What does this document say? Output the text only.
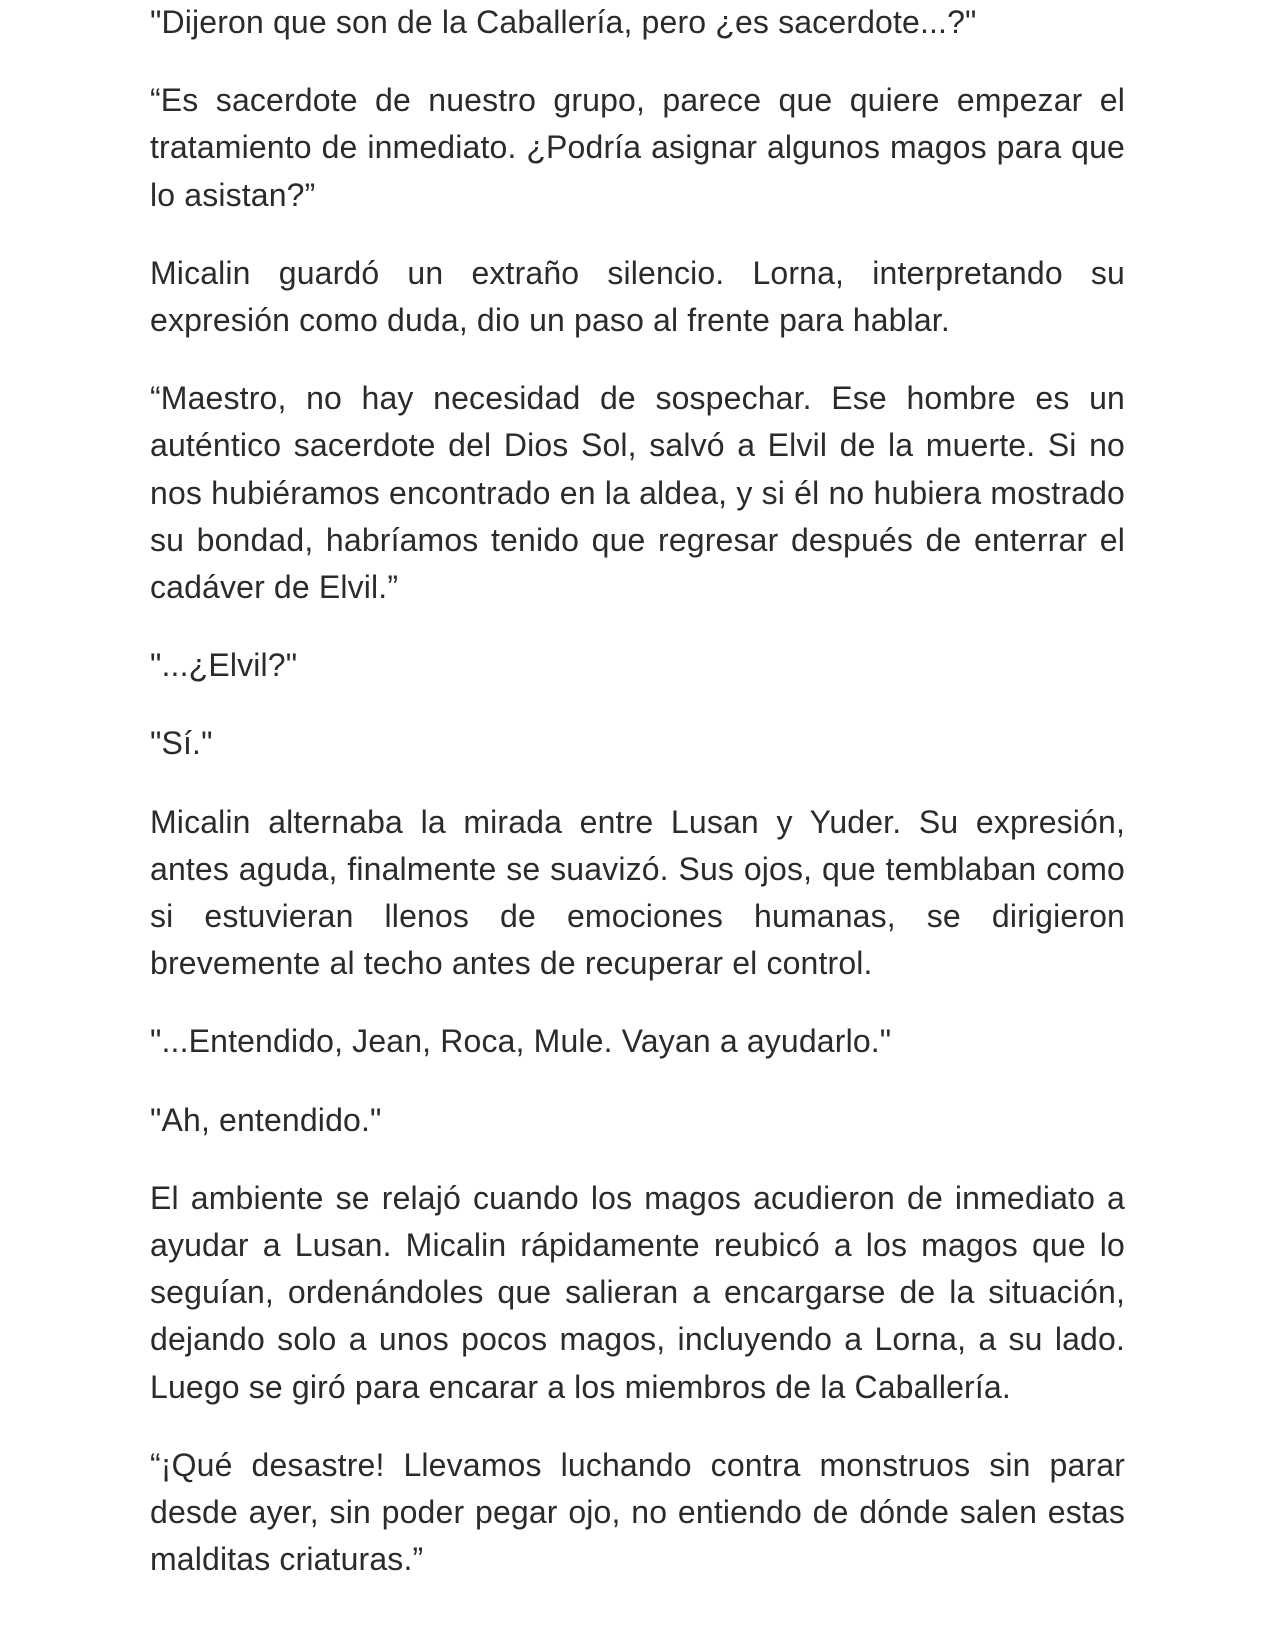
"Dijeron que son de la Caballería, pero ¿es sacerdote...?"

“Es sacerdote de nuestro grupo, parece que quiere empezar el tratamiento de inmediato. ¿Podría asignar algunos magos para que lo asistan?”

Micalin guardó un extraño silencio. Lorna, interpretando su expresión como duda, dio un paso al frente para hablar.

“Maestro, no hay necesidad de sospechar. Ese hombre es un auténtico sacerdote del Dios Sol, salvó a Elvil de la muerte. Si no nos hubiéramos encontrado en la aldea, y si él no hubiera mostrado su bondad, habríamos tenido que regresar después de enterrar el cadáver de Elvil.”

"...¿Elvil?"

"Sí."

Micalin alternaba la mirada entre Lusan y Yuder. Su expresión, antes aguda, finalmente se suavizó. Sus ojos, que temblaban como si estuvieran llenos de emociones humanas, se dirigieron brevemente al techo antes de recuperar el control.

"...Entendido, Jean, Roca, Mule. Vayan a ayudarlo."

"Ah, entendido."

El ambiente se relajó cuando los magos acudieron de inmediato a ayudar a Lusan. Micalin rápidamente reubicó a los magos que lo seguían, ordenándoles que salieran a encargarse de la situación, dejando solo a unos pocos magos, incluyendo a Lorna, a su lado. Luego se giró para encarar a los miembros de la Caballería.

“¡Qué desastre! Llevamos luchando contra monstruos sin parar desde ayer, sin poder pegar ojo, no entiendo de dónde salen estas malditas criaturas.”
